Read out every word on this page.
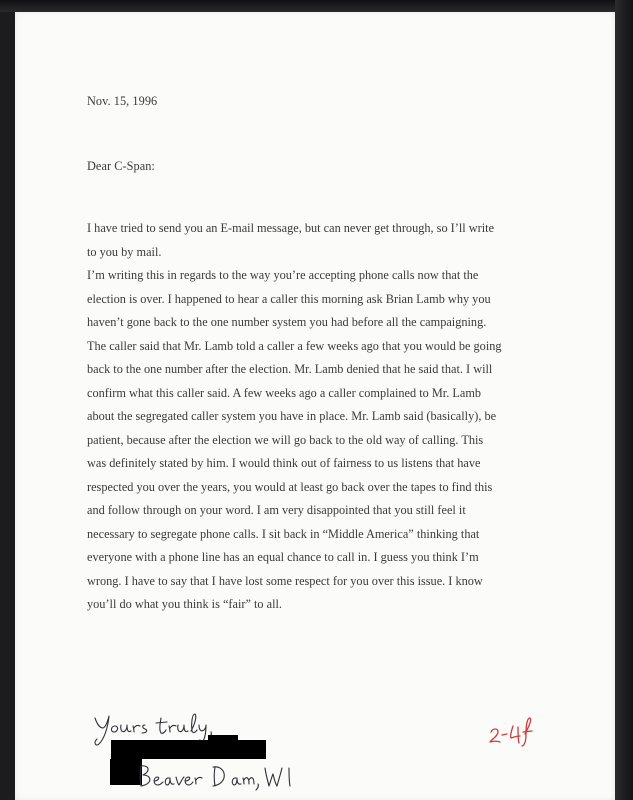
Nov. 15, 1996
Dear C-Span:
I have tried to send you an E-mail message, but can never get through, so I’ll write
to you by mail.
I’m writing this in regards to the way you’re accepting phone calls now that the
election is over. I happened to hear a caller this morning ask Brian Lamb why you
haven’t gone back to the one number system you had before all the campaigning.
The caller said that Mr. Lamb told a caller a few weeks ago that you would be going
back to the one number after the election. Mr. Lamb denied that he said that. I will
confirm what this caller said. A few weeks ago a caller complained to Mr. Lamb
about the segregated caller system you have in place. Mr. Lamb said (basically), be
patient, because after the election we will go back to the old way of calling. This
was definitely stated by him. I would think out of fairness to us listens that have
respected you over the years, you would at least go back over the tapes to find this
and follow through on your word. I am very disappointed that you still feel it
necessary to segregate phone calls. I sit back in “Middle America” thinking that
everyone with a phone line has an equal chance to call in. I guess you think I’m
wrong. I have to say that I have lost some respect for you over this issue. I know
you’ll do what you think is “fair” to all.
